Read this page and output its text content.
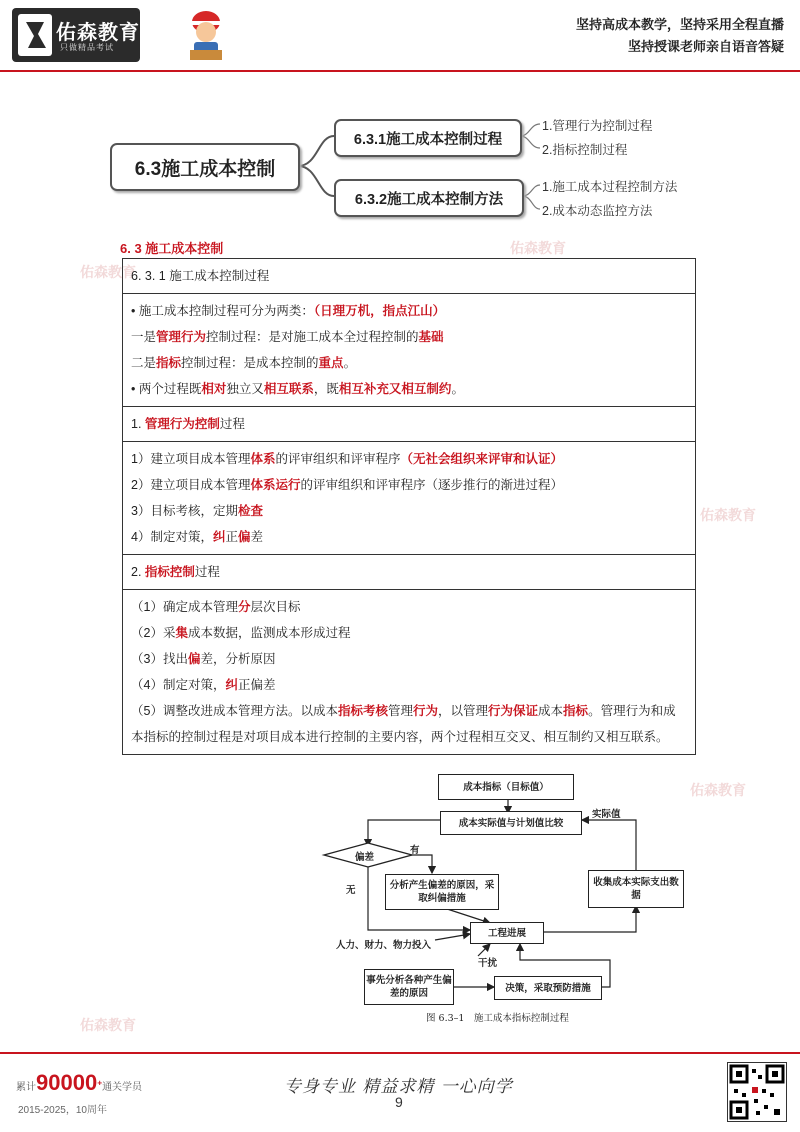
佑森教育
只做精品考试
坚持高成本教学，坚持采用全程直播
坚持授课老师亲自语音答疑
6.3施工成本控制
6.3.1施工成本控制过程
6.3.2施工成本控制方法
1.管理行为控制过程
2.指标控制过程
1.施工成本过程控制方法
2.成本动态监控方法
佑森教育
佑森教育
佑森教育
佑森教育
佑森教育
6. 3 施工成本控制
6. 3. 1 施工成本控制过程

• 施工成本控制过程可分为两类：（日理万机，指点江山）
一是管理行为控制过程：是对施工成本全过程控制的基础
二是指标控制过程：是成本控制的重点。
• 两个过程既相对独立又相互联系，既相互补充又相互制约。

1. 管理行为控制过程

1）建立项目成本管理体系的评审组织和评审程序（无社会组织来评审和认证）
2）建立项目成本管理体系运行的评审组织和评审程序（逐步推行的渐进过程）
3）目标考核，定期检查
4）制定对策，纠正偏差

2. 指标控制过程

（1）确定成本管理分层次目标
（2）采集成本数据，监测成本形成过程
（3）找出偏差，分析原因
（4）制定对策，纠正偏差
（5）调整改进成本管理方法。以成本指标考核管理行为，以管理行为保证成本指标。管理行为和成本指标的控制过程是对项目成本进行控制的主要内容，两个过程相互交叉、相互制约又相互联系。
成本指标（目标值）
成本实际值与计划值比较
实际值
偏差
有
无	分析产生偏差的原因，采取纠偏措施
收集成本实际支出数据
人力、财力、物力投入
工程进展
干扰
事先分析各种产生偏差的原因	决策，采取预防措施
图 6.3–1　施工成本指标控制过程
累计90000+通关学员
2015-2025，10周年
专身专业 精益求精 一心向学
9
